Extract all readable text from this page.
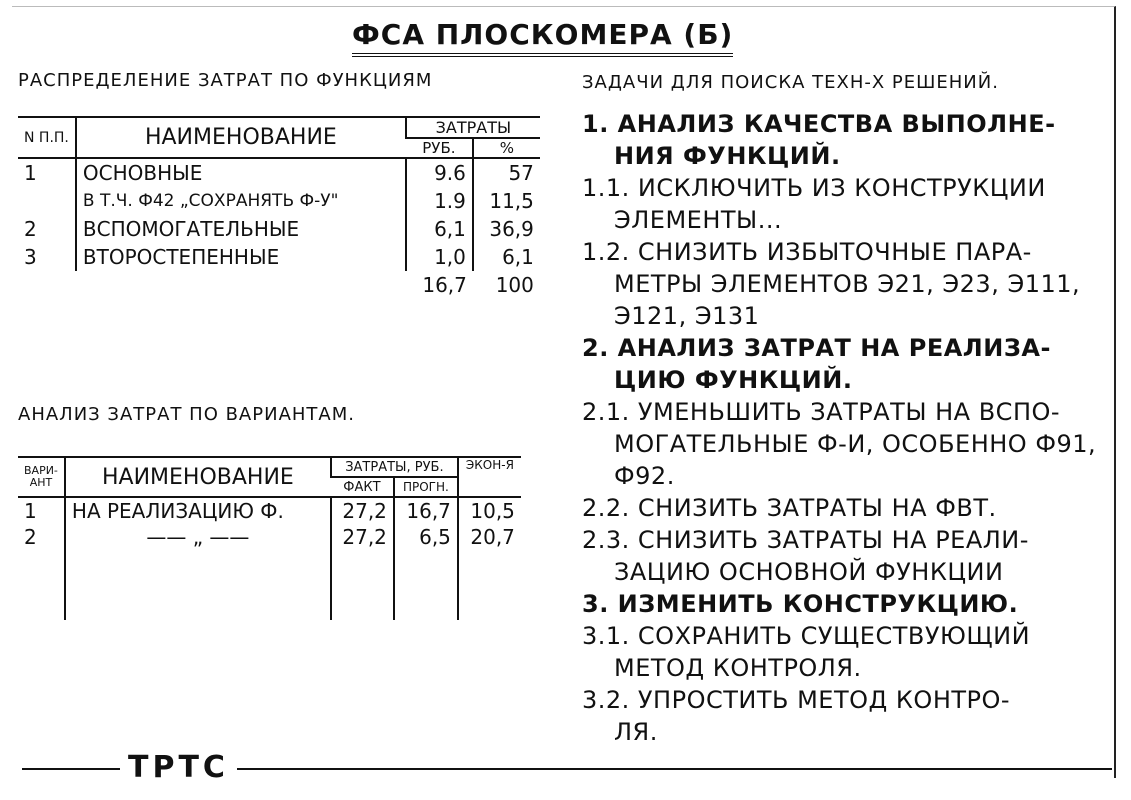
ФСА ПЛОСКОМЕРА (Б)
РАСПРЕДЕЛЕНИЕ ЗАТРАТ ПО ФУНКЦИЯМ
N П.П.	НАИМЕНОВАНИЕ	ЗАТРАТЫ	
		РУБ.	%
1	ОСНОВНЫЕ	9.6	57
	В Т.Ч. Ф42 „СОХРАНЯТЬ Ф-У"	1.9	11,5
2	ВСПОМОГАТЕЛЬНЫЕ	6,1	36,9
3	ВТОРОСТЕПЕННЫЕ	1,0	6,1
		16,7	100
АНАЛИЗ ЗАТРАТ ПО ВАРИАНТАМ.
ВАРИ-АНТ	НАИМЕНОВАНИЕ	ЗАТРАТЫ, РУБ.		ЭКОН-Я
		ФАКТ	ПРОГН.	
1	НА РЕАЛИЗАЦИЮ Ф.	27,2	16,7	10,5
2	—— „ ——	27,2	6,5	20,7

ЗАДАЧИ ДЛЯ ПОИСКА ТЕХН-Х РЕШЕНИЙ.
1. АНАЛИЗ КАЧЕСТВА ВЫПОЛНЕ-
НИЯ ФУНКЦИЙ.
1.1. ИСКЛЮЧИТЬ ИЗ КОНСТРУКЦИИ
ЭЛЕМЕНТЫ...
1.2. СНИЗИТЬ ИЗБЫТОЧНЫЕ ПАРА-
МЕТРЫ ЭЛЕМЕНТОВ Э21, Э23, Э111,
Э121, Э131
2. АНАЛИЗ ЗАТРАТ НА РЕАЛИЗА-
ЦИЮ ФУНКЦИЙ.
2.1. УМЕНЬШИТЬ ЗАТРАТЫ НА ВСПО-
МОГАТЕЛЬНЫЕ Ф-И, ОСОБЕННО Ф91, Ф92.
2.2. СНИЗИТЬ ЗАТРАТЫ НА ФВТ.
2.3. СНИЗИТЬ ЗАТРАТЫ НА РЕАЛИ-
ЗАЦИЮ ОСНОВНОЙ ФУНКЦИИ
3. ИЗМЕНИТЬ КОНСТРУКЦИЮ.
3.1. СОХРАНИТЬ СУЩЕСТВУЮЩИЙ
МЕТОД КОНТРОЛЯ.
3.2. УПРОСТИТЬ МЕТОД КОНТРО-
ЛЯ.
ТРТС
